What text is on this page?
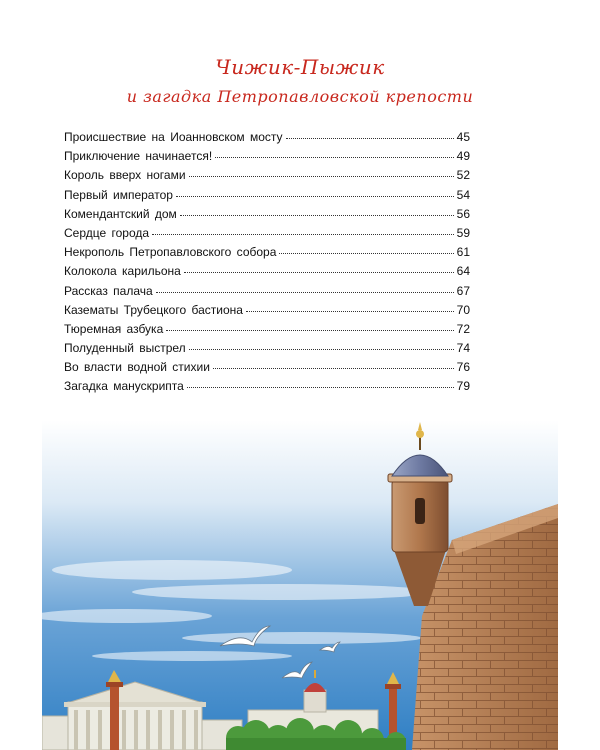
Чижик-Пыжик
и загадка Петропавловской крепости
Происшествие на Иоанновском мосту	45
Приключение начинается!	49
Король вверх ногами	52
Первый император	54
Комендантский дом	56
Сердце города	59
Некрополь Петропавловского собора	61
Колокола карильона	64
Рассказ палача	67
Казематы Трубецкого бастиона	70
Тюремная азбука	72
Полуденный выстрел	74
Во власти водной стихии	76
Загадка манускрипта	79
